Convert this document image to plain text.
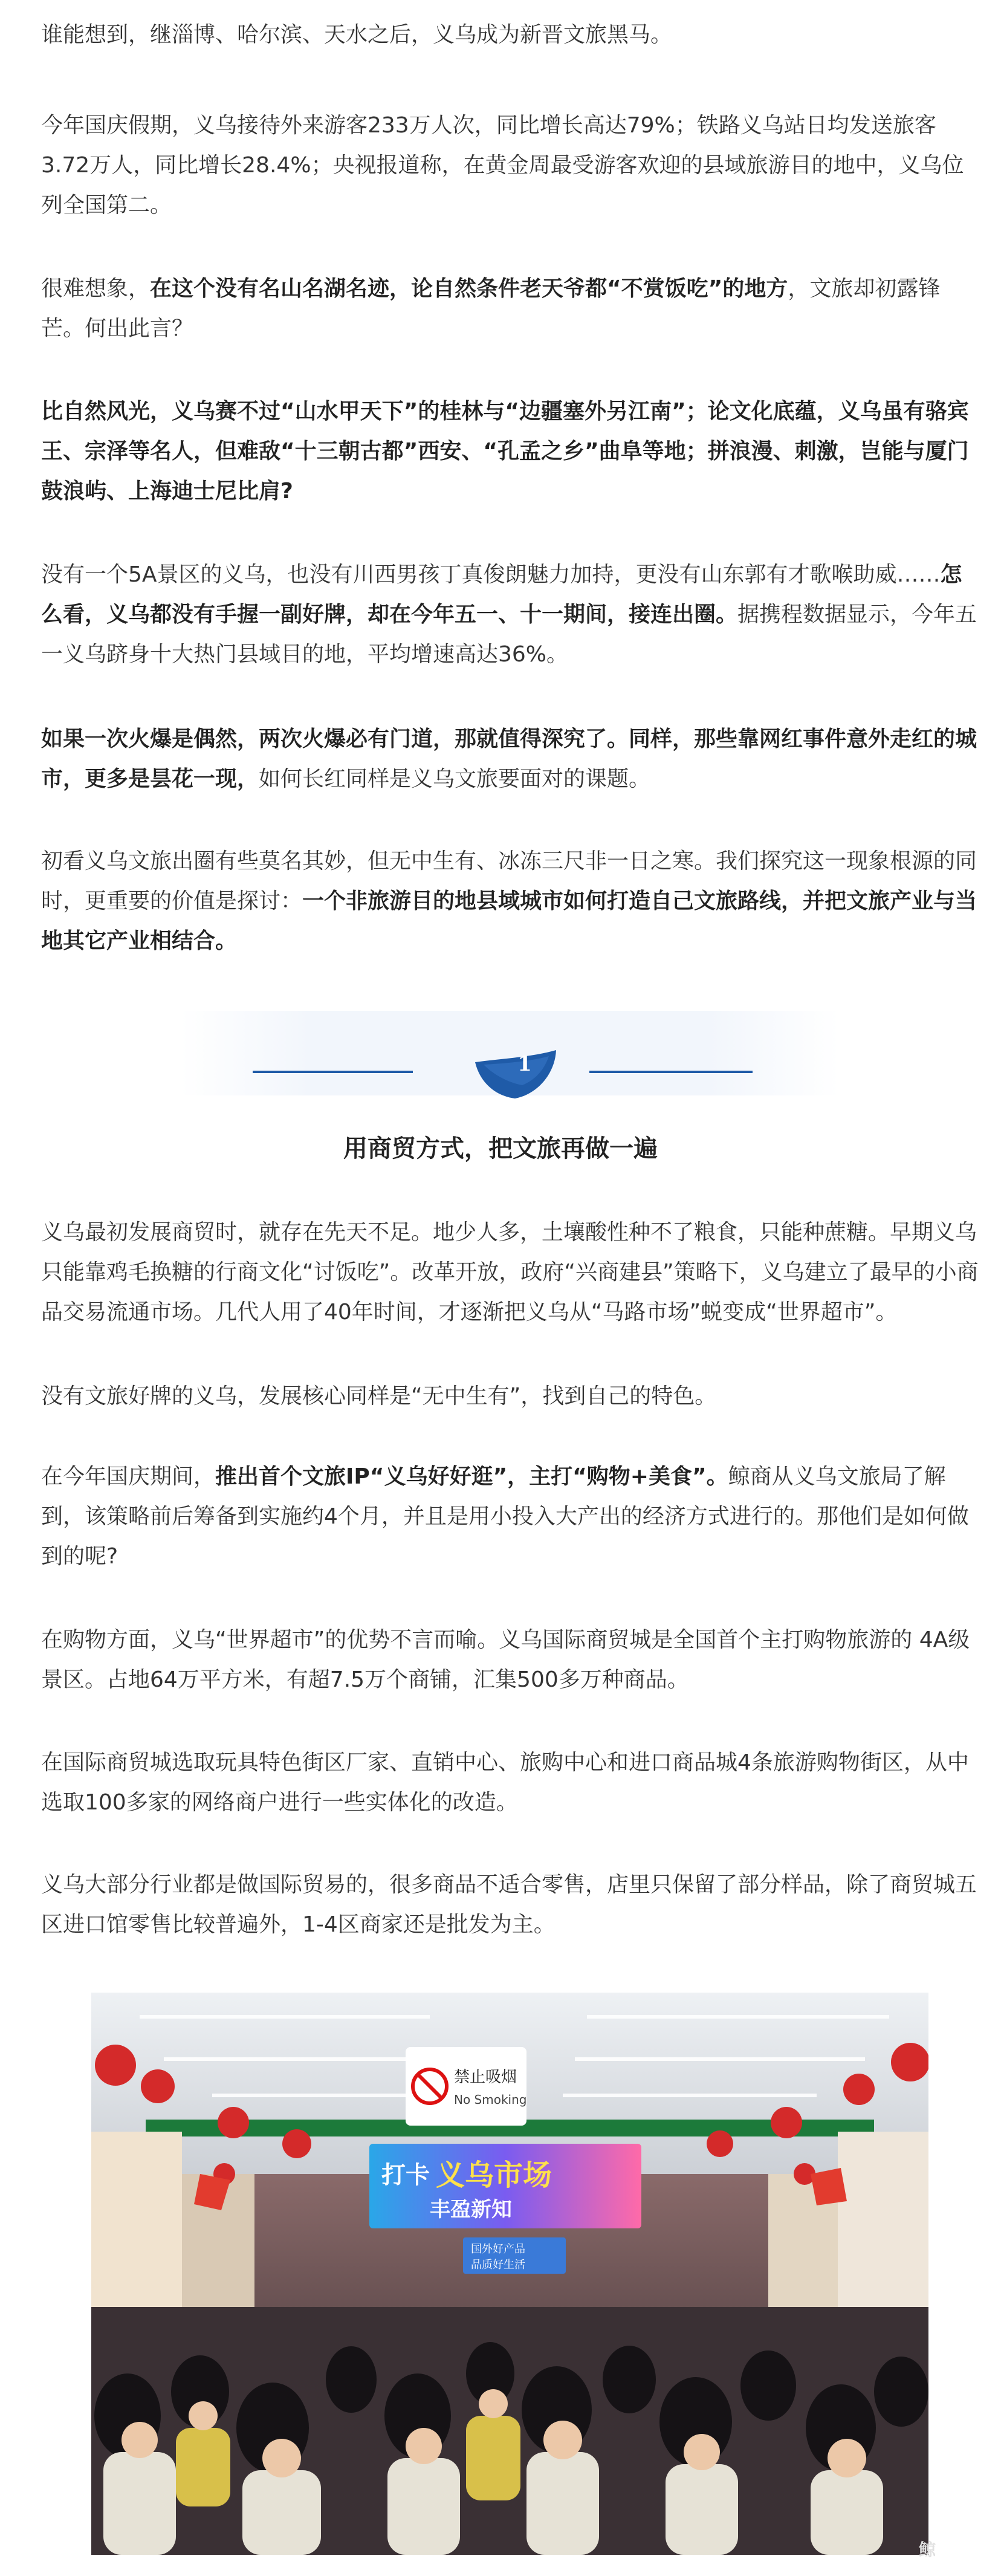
谁能想到，继淄博、哈尔滨、天水之后，义乌成为新晋文旅黑马。

今年国庆假期，义乌接待外来游客233万人次，同比增长高达79%；铁路义乌站日均发送旅客3.72万人，同比增长28.4%；央视报道称，在黄金周最受游客欢迎的县域旅游目的地中，义乌位列全国第二。

很难想象，在这个没有名山名湖名迹，论自然条件老天爷都“不赏饭吃”的地方，文旅却初露锋芒。何出此言？

比自然风光，义乌赛不过“山水甲天下”的桂林与“边疆塞外另江南”；论文化底蕴，义乌虽有骆宾王、宗泽等名人，但难敌“十三朝古都”西安、“孔孟之乡”曲阜等地；拼浪漫、刺激，岂能与厦门鼓浪屿、上海迪士尼比肩?

没有一个5A景区的义乌，也没有川西男孩丁真俊朗魅力加持，更没有山东郭有才歌喉助威……怎么看，义乌都没有手握一副好牌，却在今年五一、十一期间，接连出圈。据携程数据显示，今年五一义乌跻身十大热门县域目的地，平均增速高达36%。

如果一次火爆是偶然，两次火爆必有门道，那就值得深究了。同样，那些靠网红事件意外走红的城市，更多是昙花一现，如何长红同样是义乌文旅要面对的课题。

初看义乌文旅出圈有些莫名其妙，但无中生有、冰冻三尺非一日之寒。我们探究这一现象根源的同时，更重要的价值是探讨：一个非旅游目的地县域城市如何打造自己文旅路线，并把文旅产业与当地其它产业相结合。

1
用商贸方式，把文旅再做一遍

义乌最初发展商贸时，就存在先天不足。地少人多，土壤酸性种不了粮食，只能种蔗糖。早期义乌只能靠鸡毛换糖的行商文化“讨饭吃”。改革开放，政府“兴商建县”策略下，义乌建立了最早的小商品交易流通市场。几代人用了40年时间，才逐渐把义乌从“马路市场”蜕变成“世界超市”。

没有文旅好牌的义乌，发展核心同样是“无中生有”，找到自己的特色。

在今年国庆期间，推出首个文旅IP“义乌好好逛”，主打“购物+美食”。鲸商从义乌文旅局了解到，该策略前后筹备到实施约4个月，并且是用小投入大产出的经济方式进行的。那他们是如何做到的呢?

在购物方面，义乌“世界超市”的优势不言而喻。义乌国际商贸城是全国首个主打购物旅游的 4A级景区。占地64万平方米，有超7.5万个商铺，汇集500多万种商品。

在国际商贸城选取玩具特色街区厂家、直销中心、旅购中心和进口商品城4条旅游购物街区，从中选取100多家的网络商户进行一些实体化的改造。

义乌大部分行业都是做国际贸易的，很多商品不适合零售，店里只保留了部分样品，除了商贸城五区进口馆零售比较普遍外，1-4区商家还是批发为主。

禁止吸烟
No Smoking
打卡 义乌市场
丰盈新知
国外好产品
品质好生活
鲸
